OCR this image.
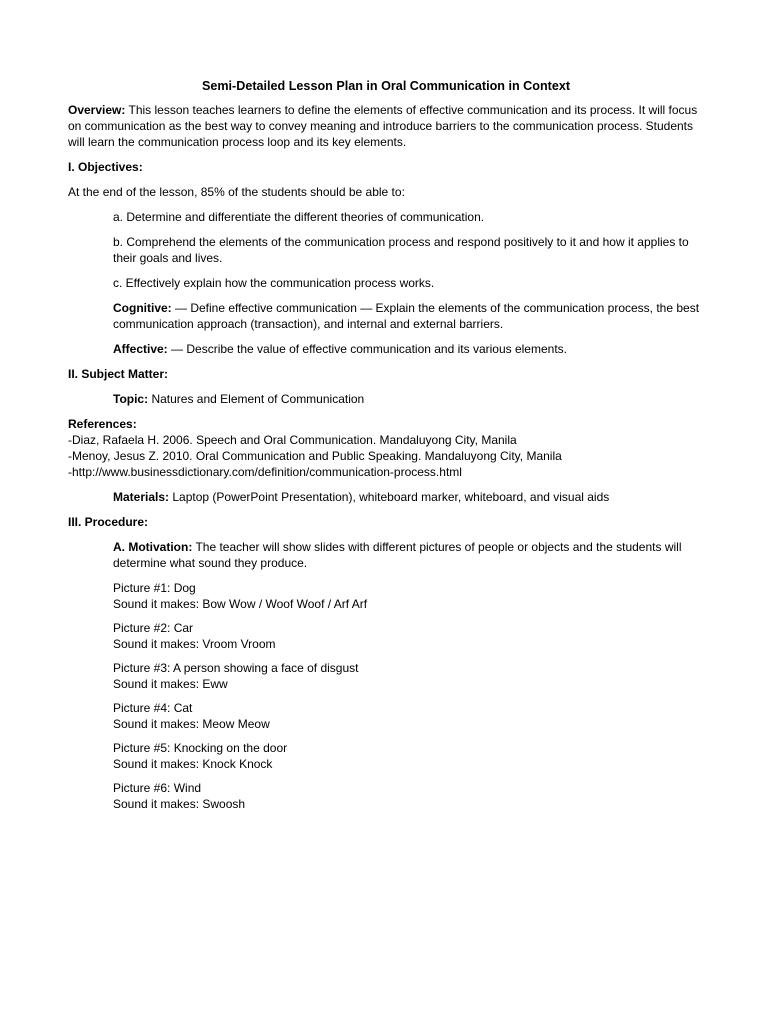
Semi-Detailed Lesson Plan in Oral Communication in Context

Overview: This lesson teaches learners to define the elements of effective communication and its process. It will focus on communication as the best way to convey meaning and introduce barriers to the communication process. Students will learn the communication process loop and its key elements.

I. Objectives:

At the end of the lesson, 85% of the students should be able to:

a. Determine and differentiate the different theories of communication.

b. Comprehend the elements of the communication process and respond positively to it and how it applies to their goals and lives.

c. Effectively explain how the communication process works.

Cognitive: — Define effective communication — Explain the elements of the communication process, the best communication approach (transaction), and internal and external barriers.

Affective: — Describe the value of effective communication and its various elements.

II. Subject Matter:

Topic: Natures and Element of Communication

References:
-Diaz, Rafaela H. 2006. Speech and Oral Communication. Mandaluyong City, Manila
-Menoy, Jesus Z. 2010. Oral Communication and Public Speaking. Mandaluyong City, Manila
-http://www.businessdictionary.com/definition/communication-process.html

Materials: Laptop (PowerPoint Presentation), whiteboard marker, whiteboard, and visual aids

III. Procedure:

A. Motivation: The teacher will show slides with different pictures of people or objects and the students will determine what sound they produce.

Picture #1: Dog
Sound it makes: Bow Wow / Woof Woof / Arf Arf
Picture #2: Car
Sound it makes: Vroom Vroom
Picture #3: A person showing a face of disgust
Sound it makes: Eww
Picture #4: Cat
Sound it makes: Meow Meow
Picture #5: Knocking on the door
Sound it makes: Knock Knock
Picture #6: Wind
Sound it makes: Swoosh
